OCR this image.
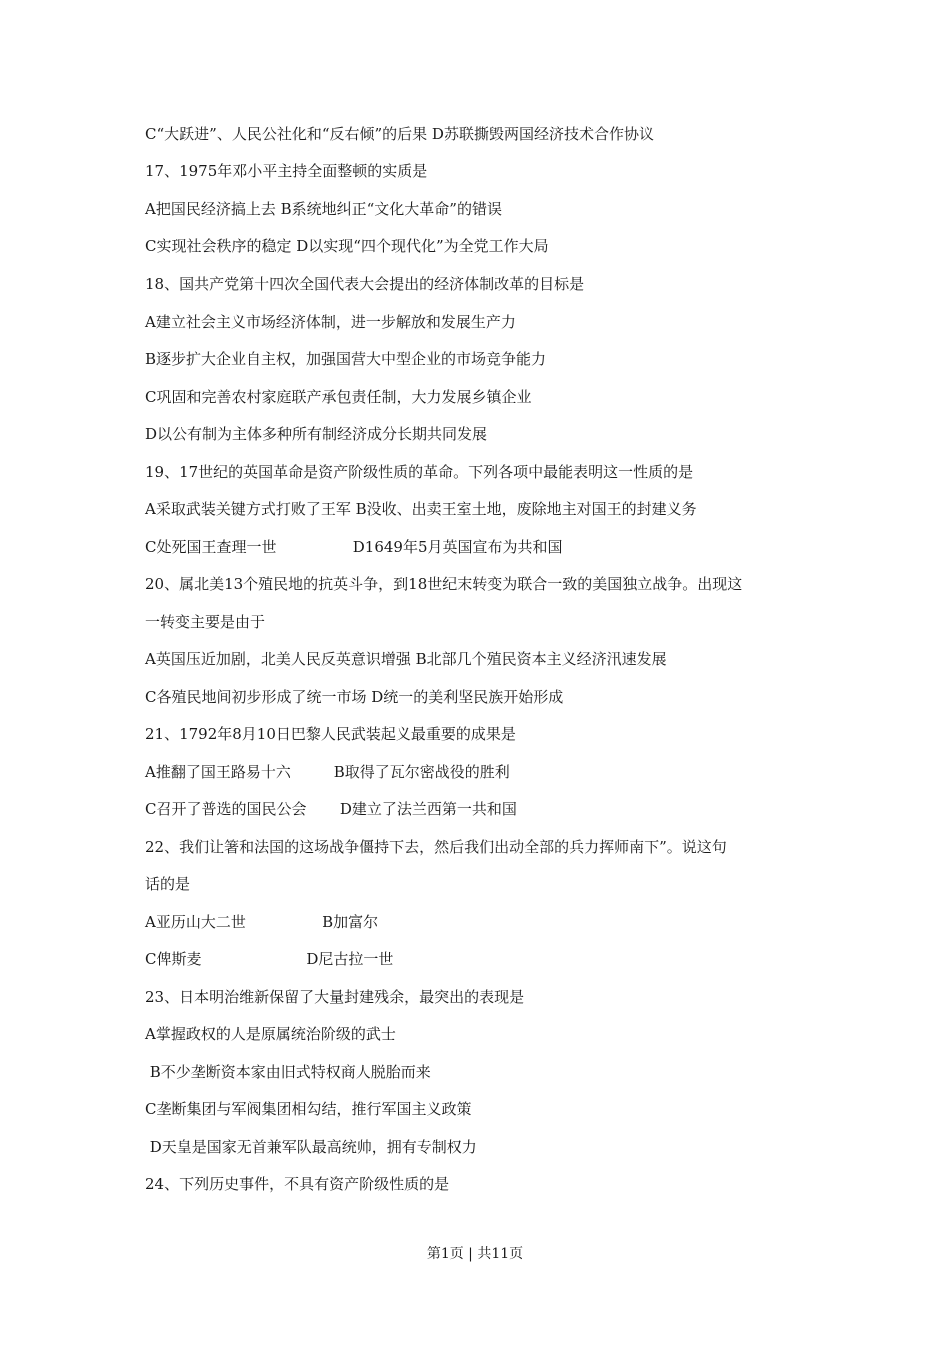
C“大跃进”、人民公社化和“反右倾”的后果 D苏联撕毁两国经济技术合作协议

17、1975年邓小平主持全面整顿的实质是

A把国民经济搞上去 B系统地纠正“文化大革命”的错误

C实现社会秩序的稳定 D以实现“四个现代化”为全党工作大局

18、国共产党第十四次全国代表大会提出的经济体制改革的目标是

A建立社会主义市场经济体制，进一步解放和发展生产力

B逐步扩大企业自主权，加强国营大中型企业的市场竞争能力

C巩固和完善农村家庭联产承包责任制，大力发展乡镇企业

D以公有制为主体多种所有制经济成分长期共同发展

19、17世纪的英国革命是资产阶级性质的革命。下列各项中最能表明这一性质的是

A采取武装关键方式打败了王军 B没收、出卖王室土地，废除地主对国王的封建义务

C处死国王查理一世                D1649年5月英国宣布为共和国

20、属北美13个殖民地的抗英斗争，到18世纪末转变为联合一致的美国独立战争。出现这

一转变主要是由于

A英国压近加剧，北美人民反英意识增强 B北部几个殖民资本主义经济汛速发展

C各殖民地间初步形成了统一市场 D统一的美利坚民族开始形成

21、1792年8月10日巴黎人民武装起义最重要的成果是

A推翻了国王路易十六         B取得了瓦尔密战役的胜利

C召开了普选的国民公会       D建立了法兰西第一共和国

22、我们让箸和法国的这场战争僵持下去，然后我们出动全部的兵力挥师南下”。说这句

话的是

A亚历山大二世                B加富尔

C俾斯麦                      D尼古拉一世

23、日本明治维新保留了大量封建残余，最突出的表现是

A掌握政权的人是原属统治阶级的武士

B不少垄断资本家由旧式特权商人脱胎而来

C垄断集团与军阀集团相勾结，推行军国主义政策

D天皇是国家无首兼军队最高统帅，拥有专制权力

24、下列历史事件，不具有资产阶级性质的是

第1页 | 共11页
